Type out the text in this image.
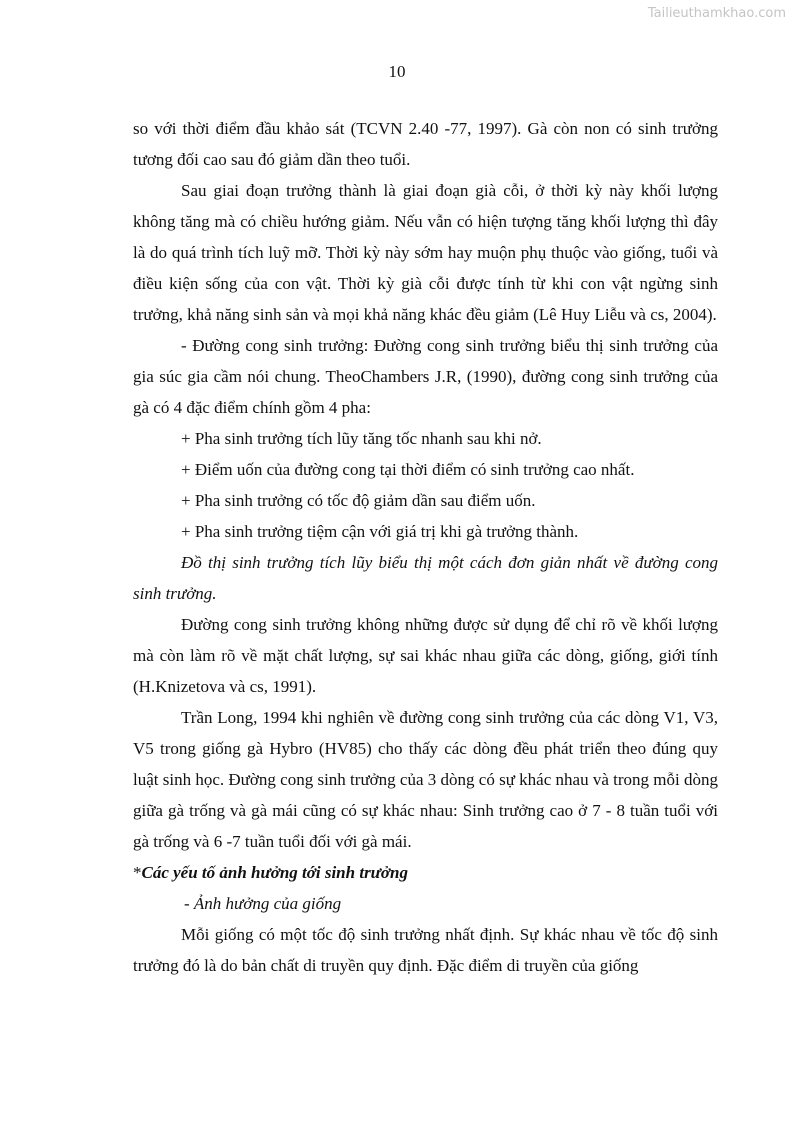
Tailieuthamkhao.com
10

so với thời điểm đầu khảo sát (TCVN 2.40 -77, 1997). Gà còn non có sinh trưởng tương đối cao sau đó giảm dần theo tuổi.

Sau giai đoạn trưởng thành là giai đoạn già cỗi, ở thời kỳ này khối lượng không tăng mà có chiều hướng giảm. Nếu vẫn có hiện tượng tăng khối lượng thì đây là do quá trình tích luỹ mỡ. Thời kỳ này sớm hay muộn phụ thuộc vào giống, tuổi và điều kiện sống của con vật. Thời kỳ già cỗi được tính từ khi con vật ngừng sinh trưởng, khả năng sinh sản và mọi khả năng khác đều giảm (Lê Huy Liễu và cs, 2004).

- Đường cong sinh trưởng: Đường cong sinh trưởng biểu thị sinh trưởng của gia súc gia cầm nói chung. TheoChambers J.R, (1990), đường cong sinh trưởng của gà có 4 đặc điểm chính gồm 4 pha:

+ Pha sinh trưởng tích lũy tăng tốc nhanh sau khi nở.

+ Điểm uốn của đường cong tại thời điểm có sinh trưởng cao nhất.

+ Pha sinh trưởng có tốc độ giảm dần sau điểm uốn.

+ Pha sinh trưởng tiệm cận với giá trị khi gà trưởng thành.

Đồ thị sinh trưởng tích lũy biểu thị một cách đơn giản nhất về đường cong sinh trưởng.

Đường cong sinh trưởng không những được sử dụng để chỉ rõ về khối lượng mà còn làm rõ về mặt chất lượng, sự sai khác nhau giữa các dòng, giống, giới tính (H.Knizetova và cs, 1991).

Trần Long, 1994 khi nghiên về đường cong sinh trưởng của các dòng V1, V3, V5 trong giống gà Hybro (HV85) cho thấy các dòng đều phát triển theo đúng quy luật sinh học. Đường cong sinh trưởng của 3 dòng có sự khác nhau và trong mỗi dòng giữa gà trống và gà mái cũng có sự khác nhau: Sinh trưởng cao ở 7 - 8 tuần tuổi với gà trống và 6 -7 tuần tuổi đối với gà mái.

*Các yếu tố ảnh hưởng tới sinh trưởng

- Ảnh hưởng của giống

Mỗi giống có một tốc độ sinh trưởng nhất định. Sự khác nhau về tốc độ sinh trưởng đó là do bản chất di truyền quy định. Đặc điểm di truyền của giống
